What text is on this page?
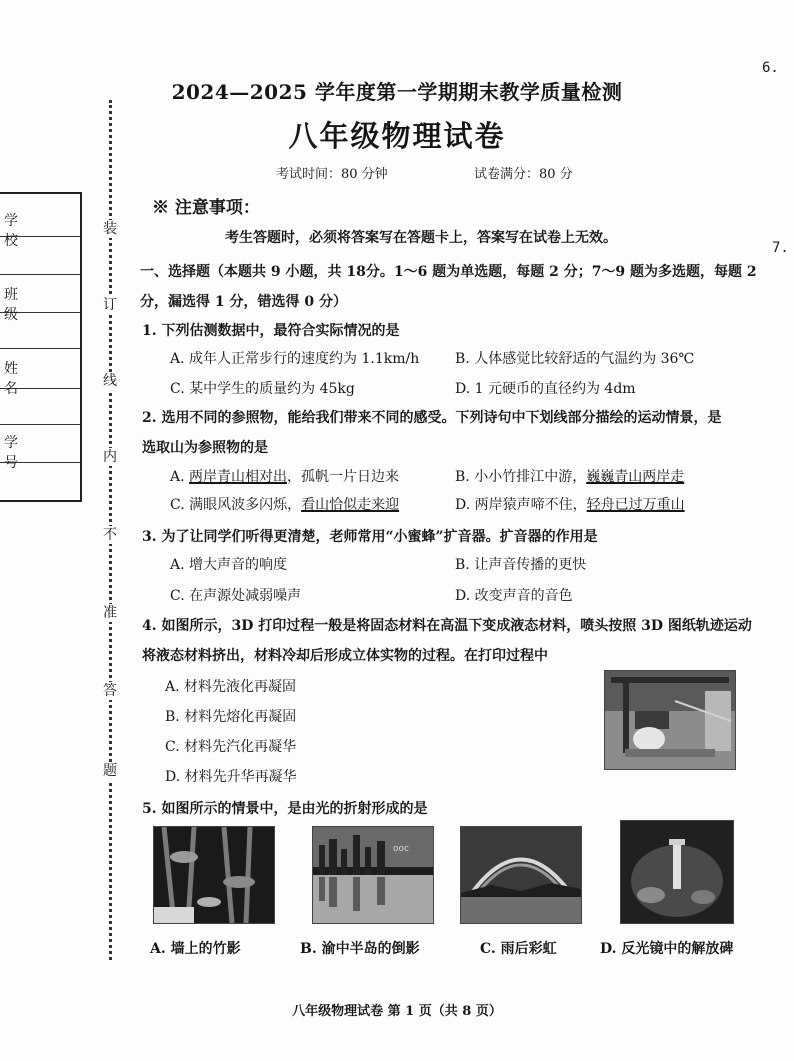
6.
7.
学 校
班 级
姓 名
学 号
装
订
线
内
不
准
答
题
2024—2025 学年度第一学期期末教学质量检测
八年级物理试卷
考试时间：80 分钟	试卷满分：80 分
※ 注意事项：
考生答题时，必须将答案写在答题卡上，答案写在试卷上无效。
一、选择题（本题共 9 小题，共 18分。1～6 题为单选题，每题 2 分；7～9 题为多选题，每题 2 分，漏选得 1 分，错选得 0 分）
1. 下列估测数据中，最符合实际情况的是
A. 成年人正常步行的速度约为 1.1km/h	B. 人体感觉比较舒适的气温约为 36℃
C. 某中学生的质量约为 45kg	D. 1 元硬币的直径约为 4dm
2. 选用不同的参照物，能给我们带来不同的感受。下列诗句中下划线部分描绘的运动情景，是选取山为参照物的是
A. 两岸青山相对出，孤帆一片日边来	B. 小小竹排江中游，巍巍青山两岸走
C. 满眼风波多闪烁，看山恰似走来迎	D. 两岸猿声啼不住，轻舟已过万重山
3. 为了让同学们听得更清楚，老师常用“小蜜蜂”扩音器。扩音器的作用是
A. 增大声音的响度	B. 让声音传播的更快
C. 在声源处减弱噪声	D. 改变声音的音色
4. 如图所示，3D 打印过程一般是将固态材料在高温下变成液态材料，喷头按照 3D 图纸轨迹运动将液态材料挤出，材料冷却后形成立体实物的过程。在打印过程中
A. 材料先液化再凝固
B. 材料先熔化再凝固
C. 材料先汽化再凝华
D. 材料先升华再凝华
5. 如图所示的情景中，是由光的折射形成的是
ooc
A. 墙上的竹影	B. 渝中半岛的倒影	C. 雨后彩虹	D. 反光镜中的解放碑
八年级物理试卷 第 1 页（共 8 页）
